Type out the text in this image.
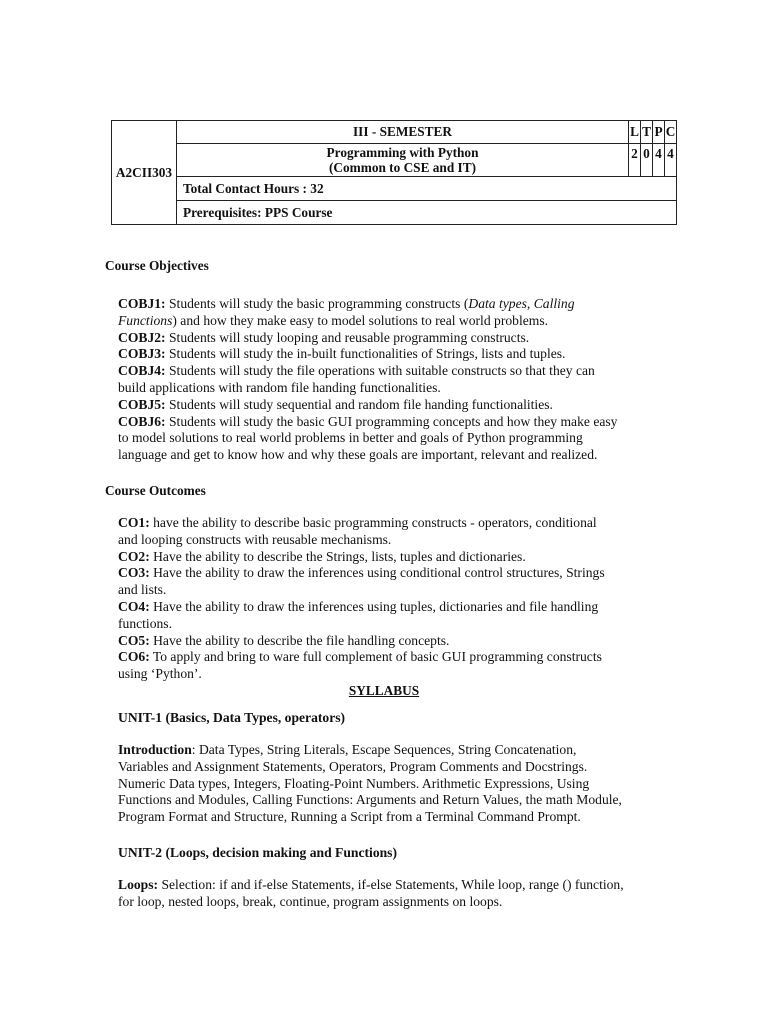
A2CII303	III - SEMESTER	L	T	P	C

	Programming with Python
(Common to CSE and IT)	2	0	4	4
	Total Contact Hours : 32				
	Prerequisites: PPS Course				
Course Objectives
COBJ1: Students will study the basic programming constructs (Data types, Calling
Functions) and how they make easy to model solutions to real world problems.
COBJ2: Students will study looping and reusable programming constructs.
COBJ3: Students will study the in-built functionalities of Strings, lists and tuples.
COBJ4: Students will study the file operations with suitable constructs so that they can
build applications with random file handing functionalities.
COBJ5: Students will study sequential and random file handing functionalities.
COBJ6: Students will study the basic GUI programming concepts and how they make easy
to model solutions to real world problems in better and goals of Python programming
language and get to know how and why these goals are important, relevant and realized.
Course Outcomes
CO1: have the ability to describe basic programming constructs - operators, conditional
and looping constructs with reusable mechanisms.
CO2: Have the ability to describe the Strings, lists, tuples and dictionaries.
CO3: Have the ability to draw the inferences using conditional control structures, Strings
and lists.
CO4: Have the ability to draw the inferences using tuples, dictionaries and file handling
functions.
CO5: Have the ability to describe the file handling concepts.
CO6: To apply and bring to ware full complement of basic GUI programming constructs
using ‘Python’.
SYLLABUS
UNIT-1 (Basics, Data Types, operators)
Introduction: Data Types, String Literals, Escape Sequences, String Concatenation,
Variables and Assignment Statements, Operators, Program Comments and Docstrings.
Numeric Data types, Integers, Floating-Point Numbers. Arithmetic Expressions, Using
Functions and Modules, Calling Functions: Arguments and Return Values, the math Module,
Program Format and Structure, Running a Script from a Terminal Command Prompt.
UNIT-2 (Loops, decision making and Functions)
Loops: Selection: if and if-else Statements, if-else Statements, While loop, range () function,
for loop, nested loops, break, continue, program assignments on loops.
